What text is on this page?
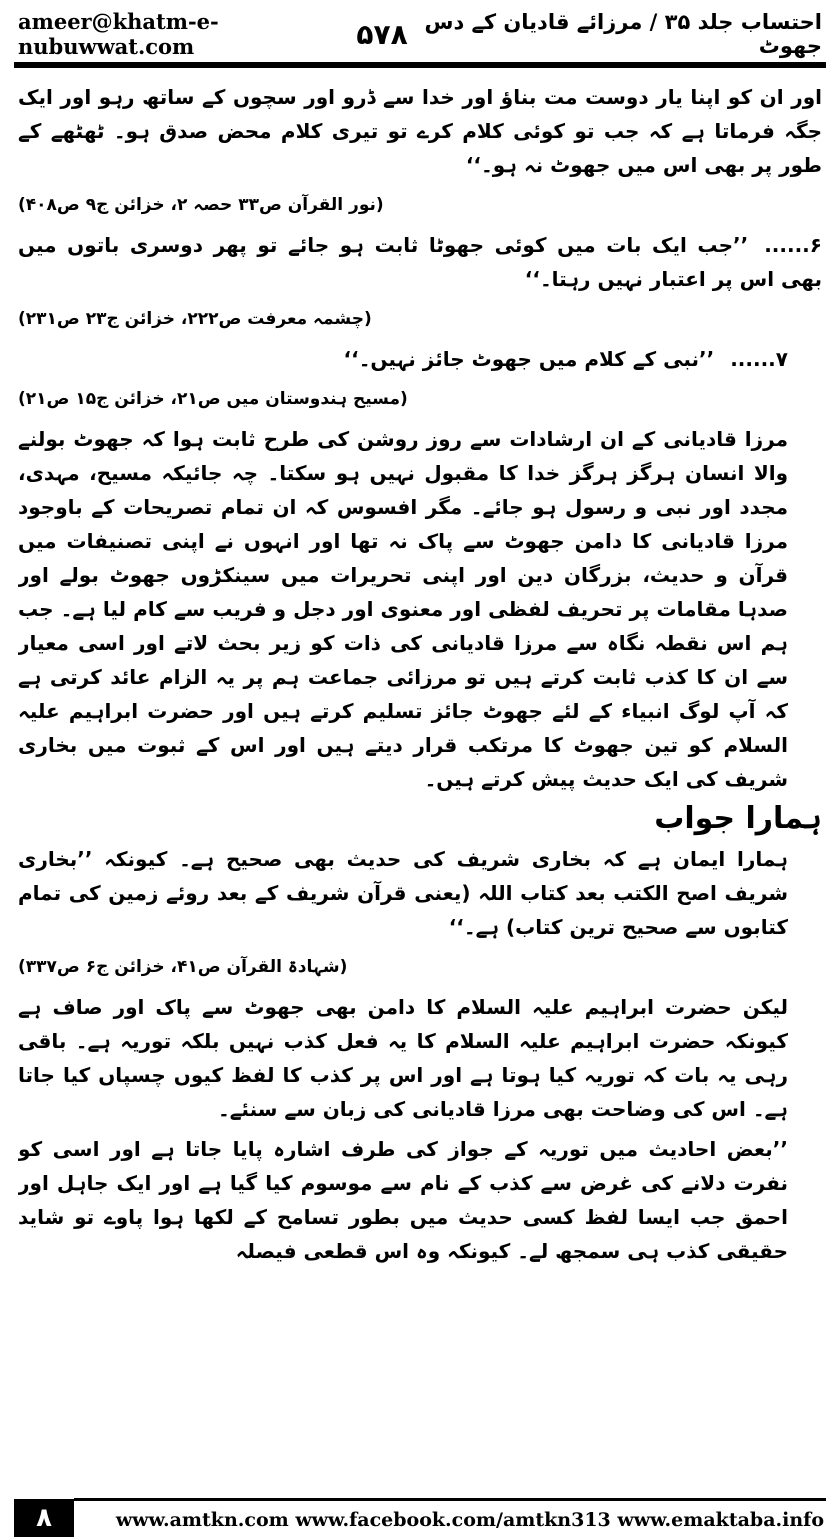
ameer@khatm-e-nubuwwat.com	۵۷۸ احتساب جلد ۳۵ / مرزائے قادیان کے دس جھوٹ

اور ان کو اپنا یار دوست مت بناؤ اور خدا سے ڈرو اور سچوں کے ساتھ رہو اور ایک جگہ فرماتا ہے کہ جب تو کوئی کلام کرے تو تیری کلام محض صدق ہو۔ ٹھٹھے کے طور پر بھی اس میں جھوٹ نہ ہو۔‘‘

(نور القرآن ص۳۳ حصہ ۲، خزائن ج۹ ص۴۰۸)

۶......’’جب ایک بات میں کوئی جھوٹا ثابت ہو جائے تو پھر دوسری باتوں میں بھی اس پر اعتبار نہیں رہتا۔‘‘

(چشمہ معرفت ص۲۲۲، خزائن ج۲۳ ص۲۳۱)

۷......’’نبی کے کلام میں جھوٹ جائز نہیں۔‘‘

(مسیح ہندوستان میں ص۲۱، خزائن ج۱۵ ص۲۱)

مرزا قادیانی کے ان ارشادات سے روز روشن کی طرح ثابت ہوا کہ جھوٹ بولنے والا انسان ہرگز ہرگز خدا کا مقبول نہیں ہو سکتا۔ چہ جائیکہ مسیح، مہدی، مجدد اور نبی و رسول ہو جائے۔ مگر افسوس کہ ان تمام تصریحات کے باوجود مرزا قادیانی کا دامن جھوٹ سے پاک نہ تھا اور انہوں نے اپنی تصنیفات میں قرآن و حدیث، بزرگان دین اور اپنی تحریرات میں سینکڑوں جھوٹ بولے اور صدہا مقامات پر تحریف لفظی اور معنوی اور دجل و فریب سے کام لیا ہے۔ جب ہم اس نقطہ نگاہ سے مرزا قادیانی کی ذات کو زیر بحث لاتے اور اسی معیار سے ان کا کذب ثابت کرتے ہیں تو مرزائی جماعت ہم پر یہ الزام عائد کرتی ہے کہ آپ لوگ انبیاء کے لئے جھوٹ جائز تسلیم کرتے ہیں اور حضرت ابراہیم علیہ السلام کو تین جھوٹ کا مرتکب قرار دیتے ہیں اور اس کے ثبوت میں بخاری شریف کی ایک حدیث پیش کرتے ہیں۔

ہمارا جواب

ہمارا ایمان ہے کہ بخاری شریف کی حدیث بھی صحیح ہے۔ کیونکہ ’’بخاری شریف اصح الکتب بعد کتاب اللہ (یعنی قرآن شریف کے بعد روئے زمین کی تمام کتابوں سے صحیح ترین کتاب) ہے۔‘‘

(شہادۃ القرآن ص۴۱، خزائن ج۶ ص۳۳۷)

لیکن حضرت ابراہیم علیہ السلام کا دامن بھی جھوٹ سے پاک اور صاف ہے کیونکہ حضرت ابراہیم علیہ السلام کا یہ فعل کذب نہیں بلکہ توریہ ہے۔ باقی رہی یہ بات کہ توریہ کیا ہوتا ہے اور اس پر کذب کا لفظ کیوں چسپاں کیا جاتا ہے۔ اس کی وضاحت بھی مرزا قادیانی کی زبان سے سنئے۔

’’بعض احادیث میں توریہ کے جواز کی طرف اشارہ پایا جاتا ہے اور اسی کو نفرت دلانے کی غرض سے کذب کے نام سے موسوم کیا گیا ہے اور ایک جاہل اور احمق جب ایسا لفظ کسی حدیث میں بطور تسامح کے لکھا ہوا پاوے تو شاید حقیقی کذب ہی سمجھ لے۔ کیونکہ وہ اس قطعی فیصلہ

۸	www.amtkn.com www.facebook.com/amtkn313 www.emaktaba.info
